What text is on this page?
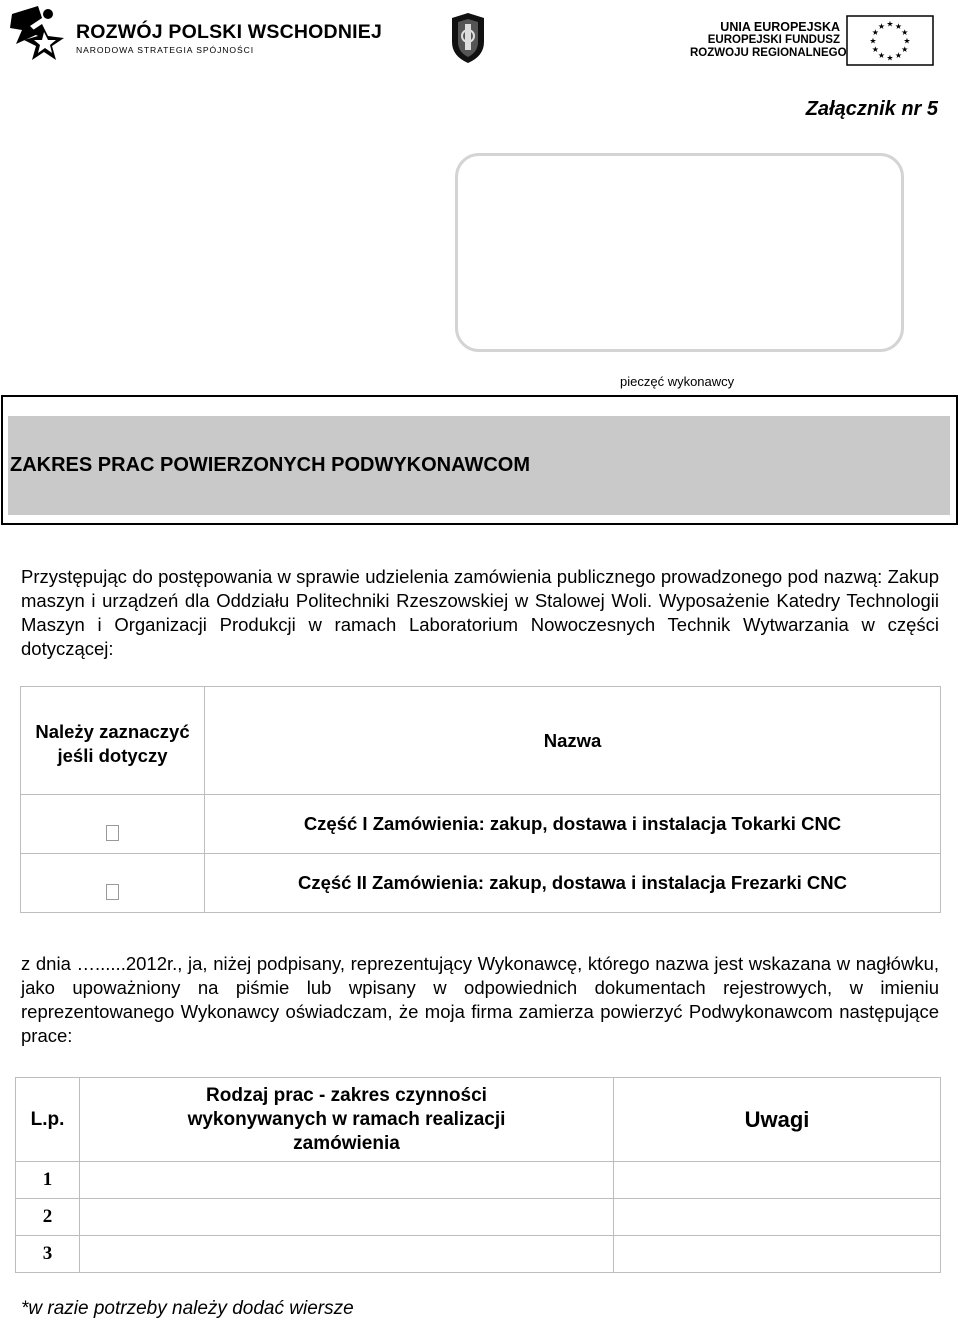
ROZWÓJ POLSKI WSCHODNIEJ
NARODOWA STRATEGIA SPÓJNOŚCI
UNIA EUROPEJSKA
EUROPEJSKI FUNDUSZ
ROZWOJU REGIONALNEGO
★
★
★
★
★
★
★
★
★ ★ ★
★
Załącznik nr 5
pieczęć wykonawcy
ZAKRES PRAC POWIERZONYCH PODWYKONAWCOM
Przystępując do postępowania w sprawie udzielenia zamówienia publicznego prowadzonego pod nazwą: Zakup maszyn i urządzeń dla Oddziału Politechniki Rzeszowskiej w Stalowej Woli. Wyposażenie Katedry Technologii Maszyn i Organizacji Produkcji w ramach Laboratorium Nowoczesnych Technik Wytwarzania w części dotyczącej:
Należy zaznaczyć jeśli dotyczy	Nazwa
	Część I Zamówienia: zakup, dostawa i instalacja Tokarki CNC
	Część II Zamówienia: zakup, dostawa i instalacja Frezarki CNC
z dnia …......2012r., ja, niżej podpisany, reprezentujący Wykonawcę, którego nazwa jest wskazana w nagłówku, jako upoważniony na piśmie lub wpisany w odpowiednich dokumentach rejestrowych, w imieniu reprezentowanego Wykonawcy oświadczam, że moja firma zamierza powierzyć Podwykonawcom następujące prace:
L.p.	Rodzaj prac - zakres czynności wykonywanych w ramach realizacji zamówienia	Uwagi
1		
2		
3		
*w razie potrzeby należy dodać wiersze
